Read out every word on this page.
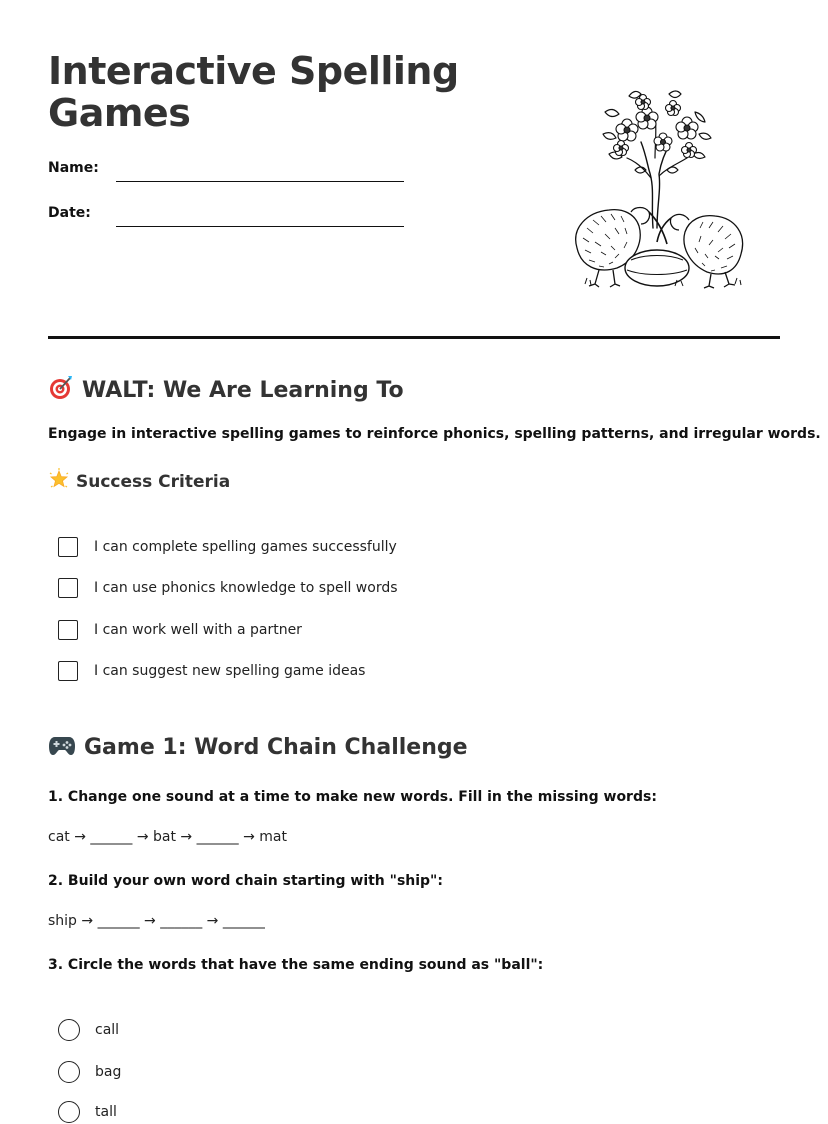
Interactive Spelling Games
Name:
Date:
WALT: We Are Learning To

Engage in interactive spelling games to reinforce phonics, spelling patterns, and irregular words.

Success Criteria
I can complete spelling games successfully
I can use phonics knowledge to spell words
I can work well with a partner
I can suggest new spelling game ideas
Game 1: Word Chain Challenge

1. Change one sound at a time to make new words. Fill in the missing words:

cat → ______ → bat → ______ → mat

2. Build your own word chain starting with "ship":

ship → ______ → ______ → ______

3. Circle the words that have the same ending sound as "ball":

call
bag
tall
